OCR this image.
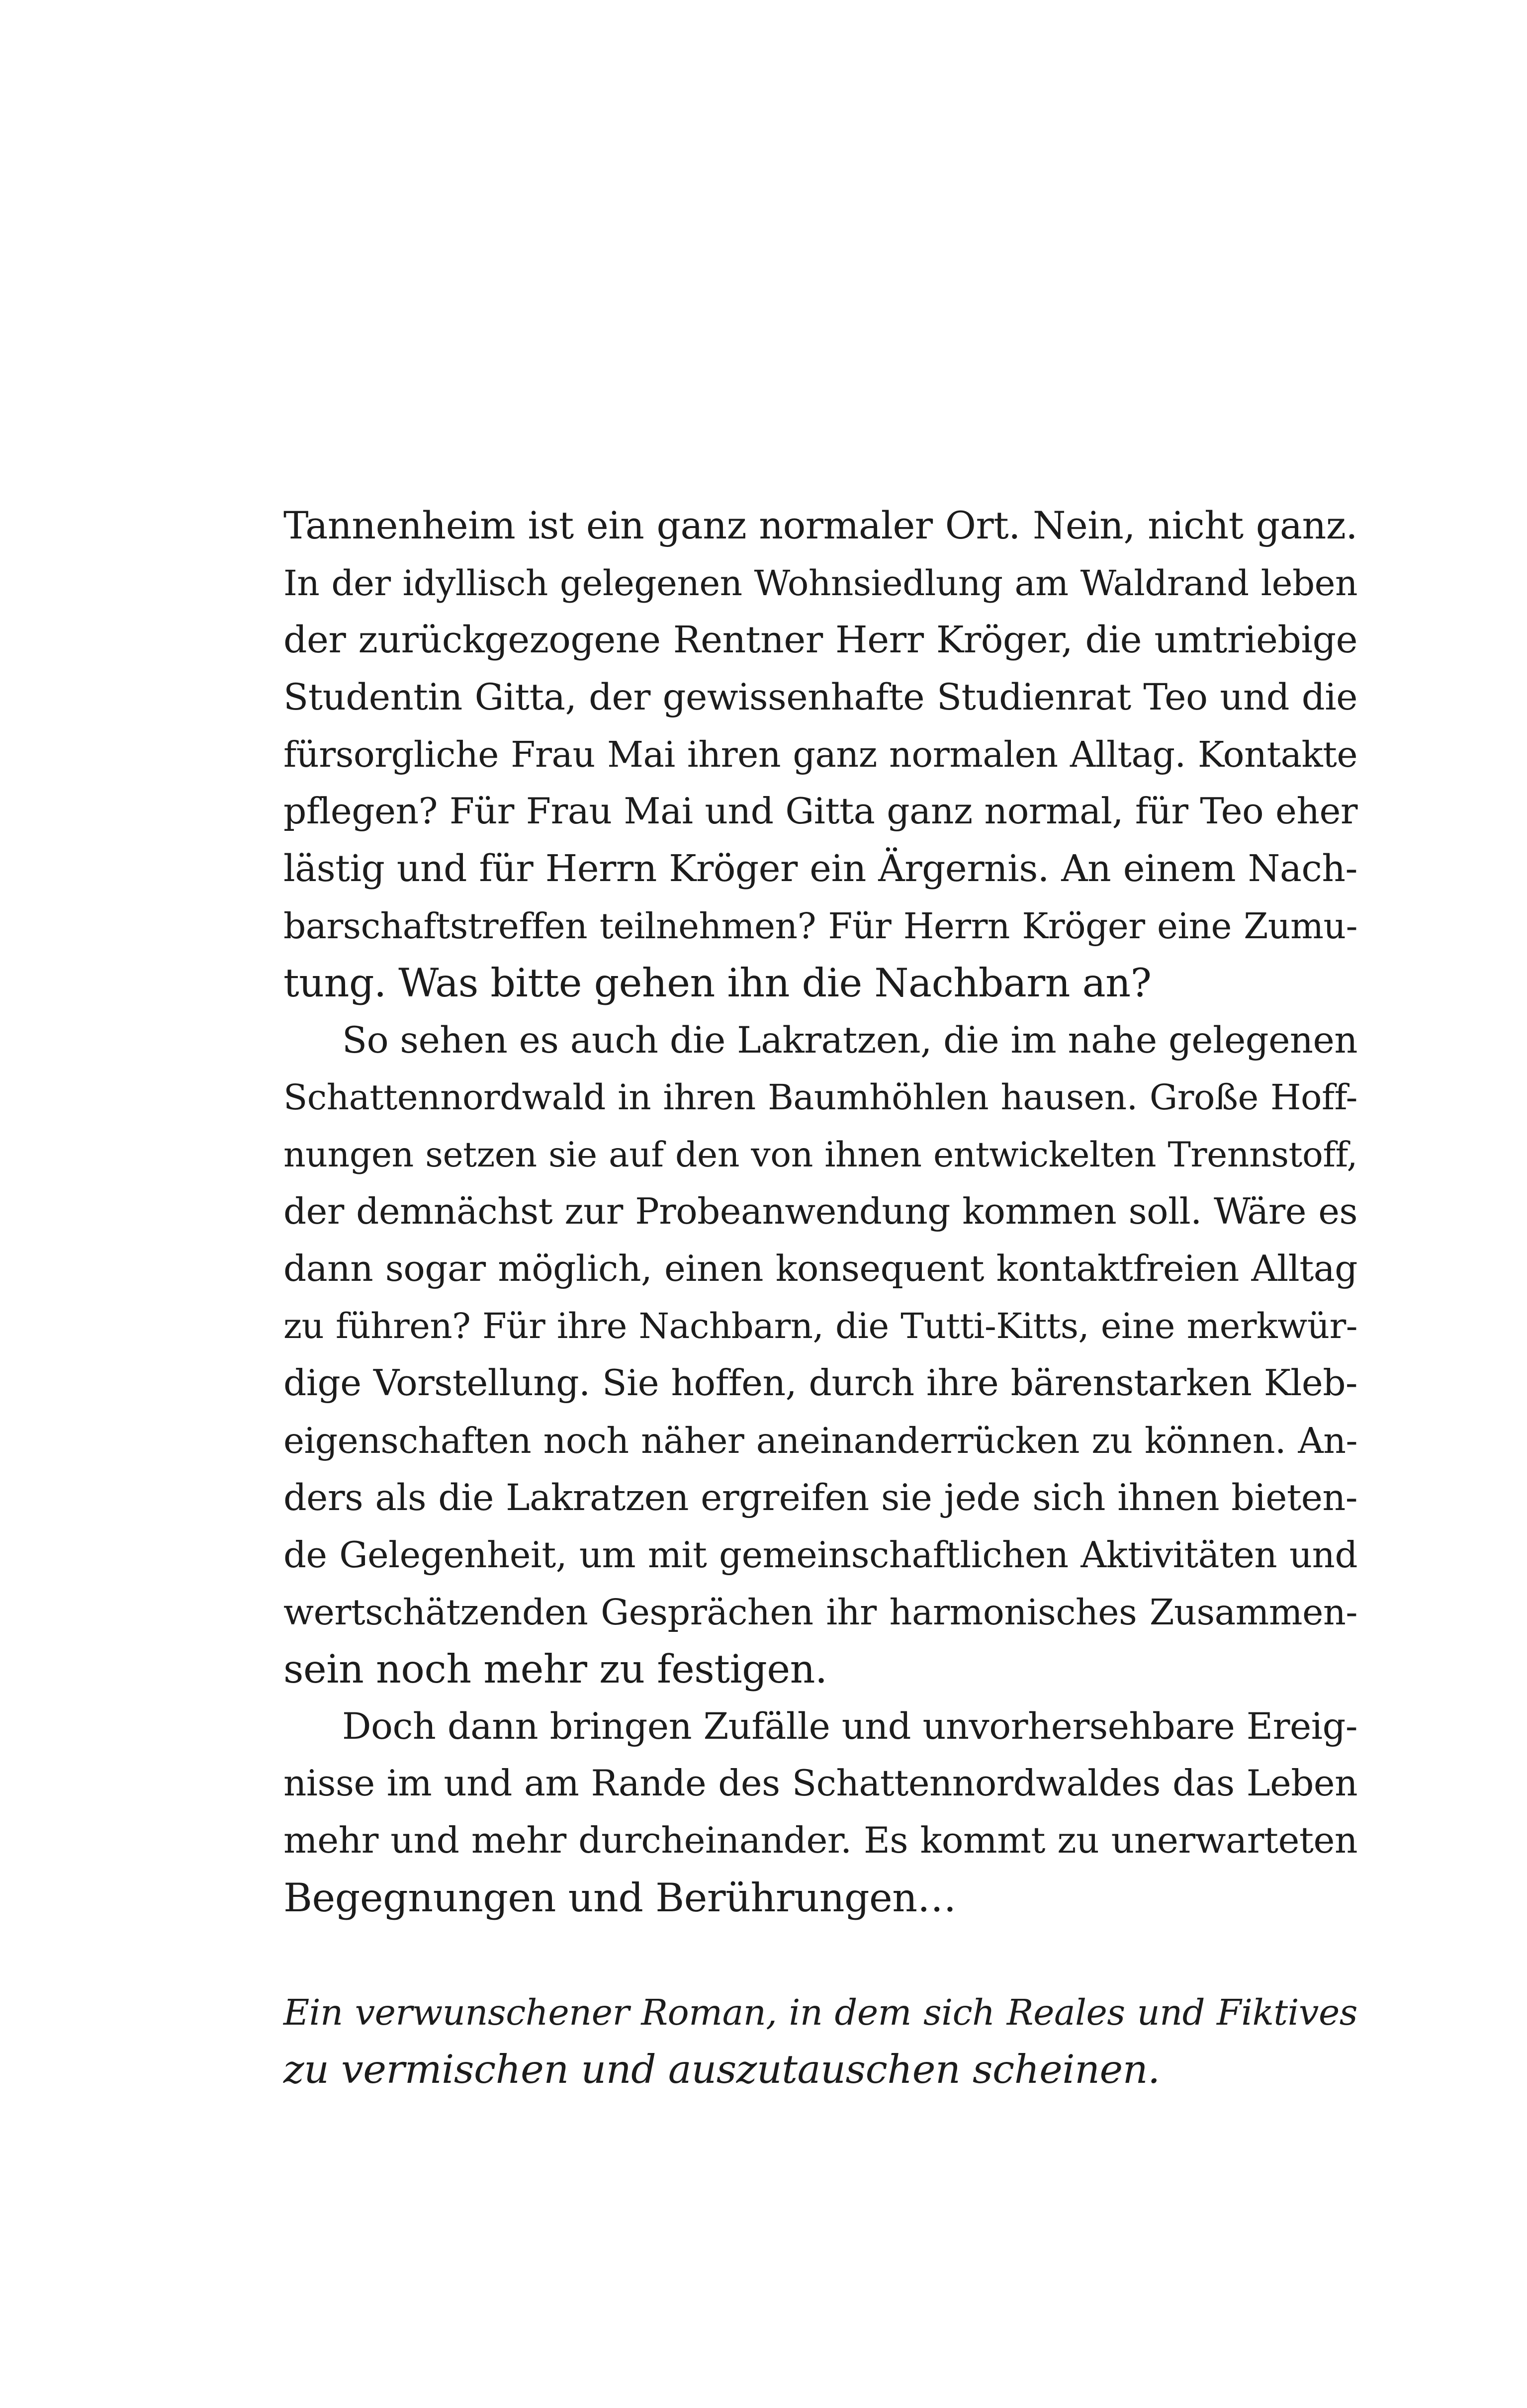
Tannenheim ist ein ganz normaler Ort. Nein, nicht ganz.
In der idyllisch gelegenen Wohnsiedlung am Waldrand leben
der zurückgezogene Rentner Herr Kröger, die umtriebige
Studentin Gitta, der gewissenhafte Studienrat Teo und die
fürsorgliche Frau Mai ihren ganz normalen Alltag. Kontakte
pflegen? Für Frau Mai und Gitta ganz normal, für Teo eher
lästig und für Herrn Kröger ein Ärgernis. An einem Nach-
barschaftstreffen teilnehmen? Für Herrn Kröger eine Zumu-
tung. Was bitte gehen ihn die Nachbarn an?

So sehen es auch die Lakratzen, die im nahe gelegenen
Schattennordwald in ihren Baumhöhlen hausen. Große Hoff-
nungen setzen sie auf den von ihnen entwickelten Trennstoff,
der demnächst zur Probeanwendung kommen soll. Wäre es
dann sogar möglich, einen konsequent kontaktfreien Alltag
zu führen? Für ihre Nachbarn, die Tutti-Kitts, eine merkwür-
dige Vorstellung. Sie hoffen, durch ihre bärenstarken Kleb-
eigenschaften noch näher aneinanderrücken zu können. An-
ders als die Lakratzen ergreifen sie jede sich ihnen bieten-
de Gelegenheit, um mit gemeinschaftlichen Aktivitäten und
wertschätzenden Gesprächen ihr harmonisches Zusammen-
sein noch mehr zu festigen.

Doch dann bringen Zufälle und unvorhersehbare Ereig-
nisse im und am Rande des Schattennordwaldes das Leben
mehr und mehr durcheinander. Es kommt zu unerwarteten
Begegnungen und Berührungen…

Ein verwunschener Roman, in dem sich Reales und Fiktives
zu vermischen und auszutauschen scheinen.
